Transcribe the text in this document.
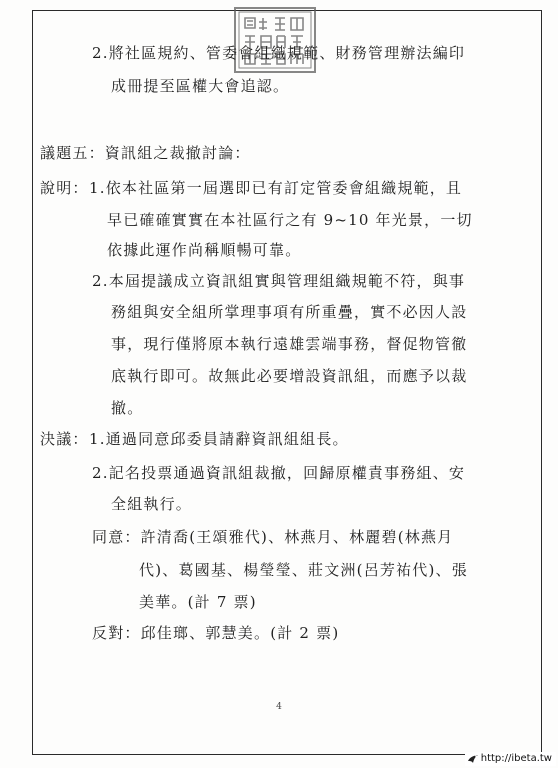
2.將社區規約、管委會組織規範、財務管理辦法編印
成冊提至區權大會追認。
議題五：資訊組之裁撤討論：
說明： 1.依本社區第一屆選即已有訂定管委會組織規範，且
早已確確實實在本社區行之有 9~10 年光景，一切
依據此運作尚稱順暢可靠。
2.本屆提議成立資訊組實與管理組織規範不符，與事
務組與安全組所掌理事項有所重疊，實不必因人設
事，現行僅將原本執行遠雄雲端事務，督促物管徹
底執行即可。故無此必要增設資訊組，而應予以裁
撤。
決議： 1.通過同意邱委員請辭資訊組組長。
2.記名投票通過資訊組裁撤，回歸原權責事務組、安
全組執行。
同意：許清喬(王頌雅代)、林燕月、林麗碧(林燕月
代)、葛國基、楊瑩瑩、莊文洲(呂芳祐代)、張
美華。(計 7 票)
反對：邱佳瑯、郭慧美。(計 2 票)
4
http://ibeta.tw
